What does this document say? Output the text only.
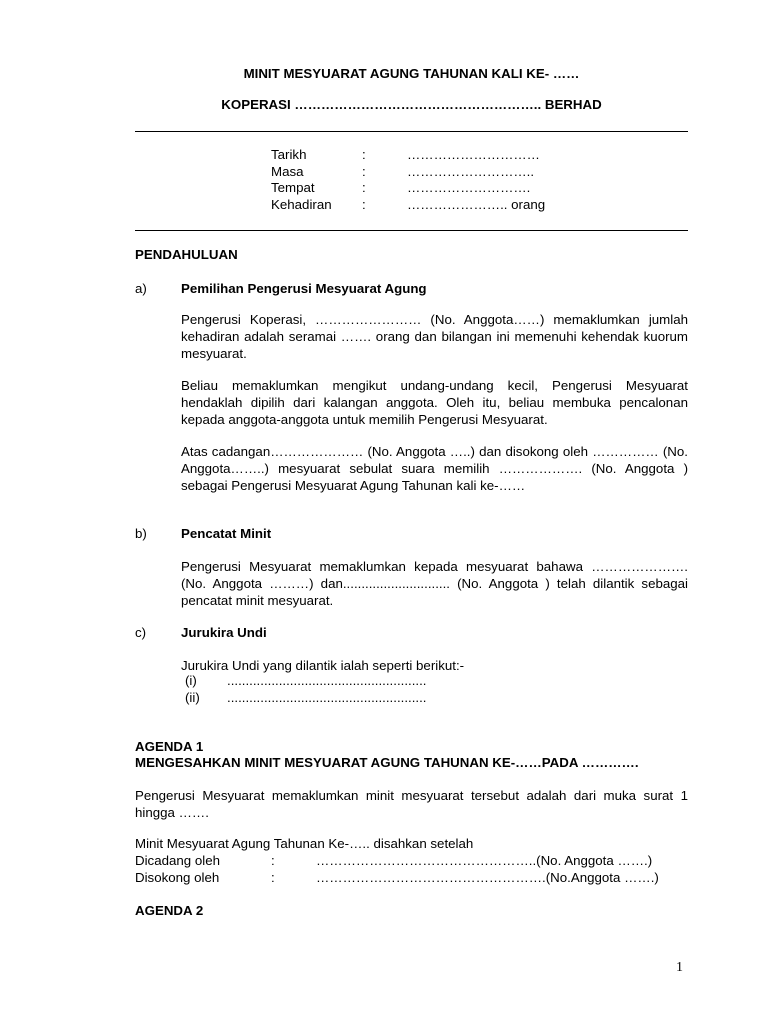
MINIT MESYUARAT AGUNG TAHUNAN KALI KE- ……
KOPERASI ……………………………………………….. BERHAD
Tarikh	:	…………………………
Masa	:	………………………..
Tempat	:	……………………….
Kehadiran :	………………….. orang
PENDAHULUAN
a)	Pemilihan Pengerusi Mesyuarat Agung
Pengerusi Koperasi, …………………… (No. Anggota……) memaklumkan jumlah kehadiran adalah seramai ……. orang dan bilangan ini memenuhi kehendak kuorum mesyuarat.
Beliau memaklumkan mengikut undang-undang kecil, Pengerusi Mesyuarat hendaklah dipilih dari kalangan anggota. Oleh itu, beliau membuka pencalonan kepada anggota-anggota untuk memilih Pengerusi Mesyuarat.
Atas cadangan………………… (No. Anggota …..) dan disokong oleh …………… (No. Anggota……..) mesyuarat sebulat suara memilih ………………. (No. Anggota ) sebagai Pengerusi Mesyuarat Agung Tahunan kali ke-……
b)	Pencatat Minit
Pengerusi Mesyuarat memaklumkan kepada mesyuarat bahawa …………………. (No. Anggota ………) dan............................. (No. Anggota ) telah dilantik sebagai pencatat minit mesyuarat.
c)	Jurukira Undi
Jurukira Undi yang dilantik ialah seperti berikut:-
(i) ......................................................
(ii) ......................................................
AGENDA 1
MENGESAHKAN MINIT MESYUARAT AGUNG TAHUNAN KE-……PADA ………….
Pengerusi Mesyuarat memaklumkan minit mesyuarat tersebut adalah dari muka surat 1 hingga …….
Minit Mesyuarat Agung Tahunan Ke-….. disahkan setelah
Dicadang oleh	:	…………………………………………..(No. Anggota …….)
Disokong oleh	:	…………………………………………….(No.Anggota …….)
AGENDA 2
1
